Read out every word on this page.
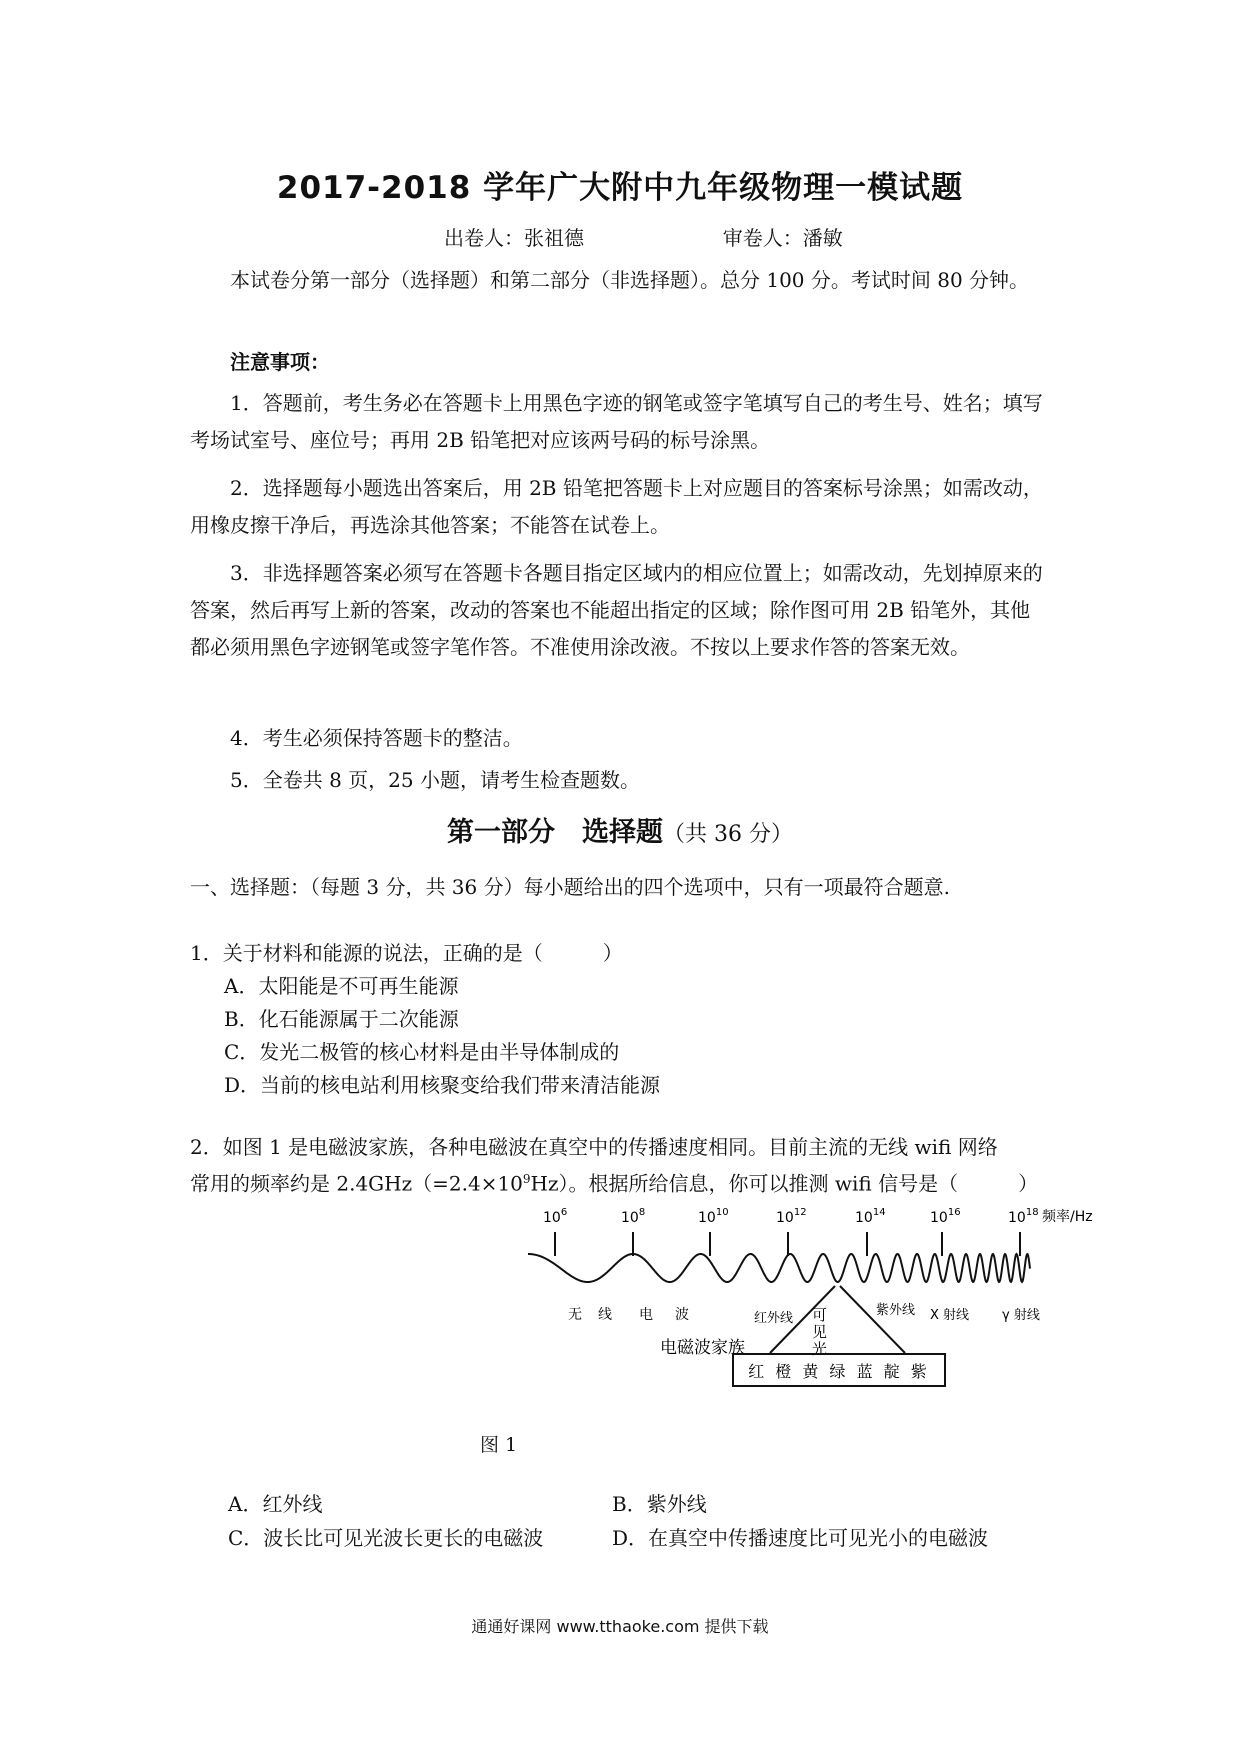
2017-2018 学年广大附中九年级物理一模试题
出卷人：张祖德	审卷人：潘敏
本试卷分第一部分（选择题）和第二部分（非选择题）。总分 100 分。考试时间 80 分钟。
注意事项：
1．答题前，考生务必在答题卡上用黑色字迹的钢笔或签字笔填写自己的考生号、姓名；填写考场试室号、座位号；再用 2B 铅笔把对应该两号码的标号涂黑。
2．选择题每小题选出答案后，用 2B 铅笔把答题卡上对应题目的答案标号涂黑；如需改动，用橡皮擦干净后，再选涂其他答案；不能答在试卷上。
3．非选择题答案必须写在答题卡各题目指定区域内的相应位置上；如需改动，先划掉原来的答案，然后再写上新的答案，改动的答案也不能超出指定的区域；除作图可用 2B 铅笔外，其他都必须用黑色字迹钢笔或签字笔作答。不准使用涂改液。不按以上要求作答的答案无效。
4．考生必须保持答题卡的整洁。
5．全卷共 8 页，25 小题，请考生检查题数。
第一部分　选择题（共 36 分）
一、选择题：（每题 3 分，共 36 分）每小题给出的四个选项中，只有一项最符合题意.
1．关于材料和能源的说法，正确的是（　　　）
A．太阳能是不可再生能源
B．化石能源属于二次能源
C．发光二极管的核心材料是由半导体制成的
D．当前的核电站利用核聚变给我们带来清洁能源
2．如图 1 是电磁波家族，各种电磁波在真空中的传播速度相同。目前主流的无线 wifi 网络
常用的频率约是 $2.4GHz(=2.4\times 10^9Hz)$。根据所给信息，你可以推测 wifi 信号是（　　　）
$10^6$	$10^8$	$10^{10}$	$10^{12}$	$10^{14}$	$10^{16}$	$10^{18}$ 频率/Hz
无 线 电 波	红外线
紫外线 X 射线	γ 射线
可
见
光
电磁波家族
红 橙 黄 绿 蓝 靛 紫
图 1
A．红外线	B．紫外线
C．波长比可见光波长更长的电磁波	D．在真空中传播速度比可见光小的电磁波
通通好课网 www.tthaoke.com 提供下载
